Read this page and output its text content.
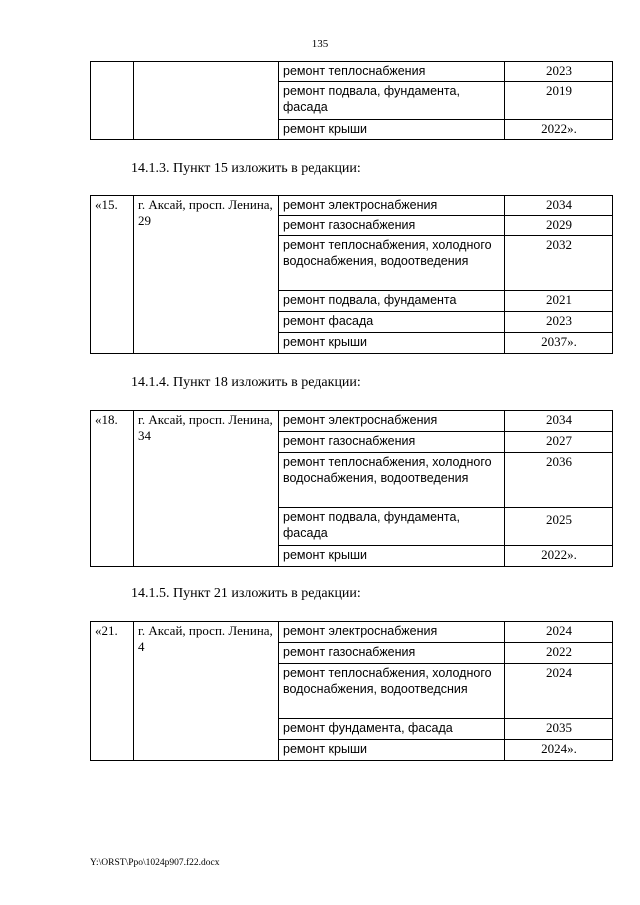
135
		ремонт теплоснабжения	2023
		ремонт подвала, фундамента, фасада	2019
		ремонт крыши	2022».
14.1.3. Пункт 15 изложить в редакции:
«15.	г. Аксай, просп. Ленина, 29	ремонт электроснабжения	2034
		ремонт газоснабжения	2029
		ремонт теплоснабжения, холодного водоснабжения, водоотведения	2032
		ремонт подвала, фундамента	2021
		ремонт фасада	2023
		ремонт крыши	2037».
14.1.4. Пункт 18 изложить в редакции:
«18.	г. Аксай, просп. Ленина, 34	ремонт электроснабжения	2034
		ремонт газоснабжения	2027
		ремонт теплоснабжения, холодного водоснабжения, водоотведения	2036
		ремонт подвала, фундамента, фасада	2025
		ремонт крыши	2022».
14.1.5. Пункт 21 изложить в редакции:
«21.	г. Аксай, просп. Ленина, 4	ремонт электроснабжения	2024
		ремонт газоснабжения	2022
		ремонт теплоснабжения, холодного водоснабжения, водоотведсния	2024
		ремонт фундамента, фасада	2035
		ремонт крыши	2024».
Y:\ORST\Ppo\1024p907.f22.docx
